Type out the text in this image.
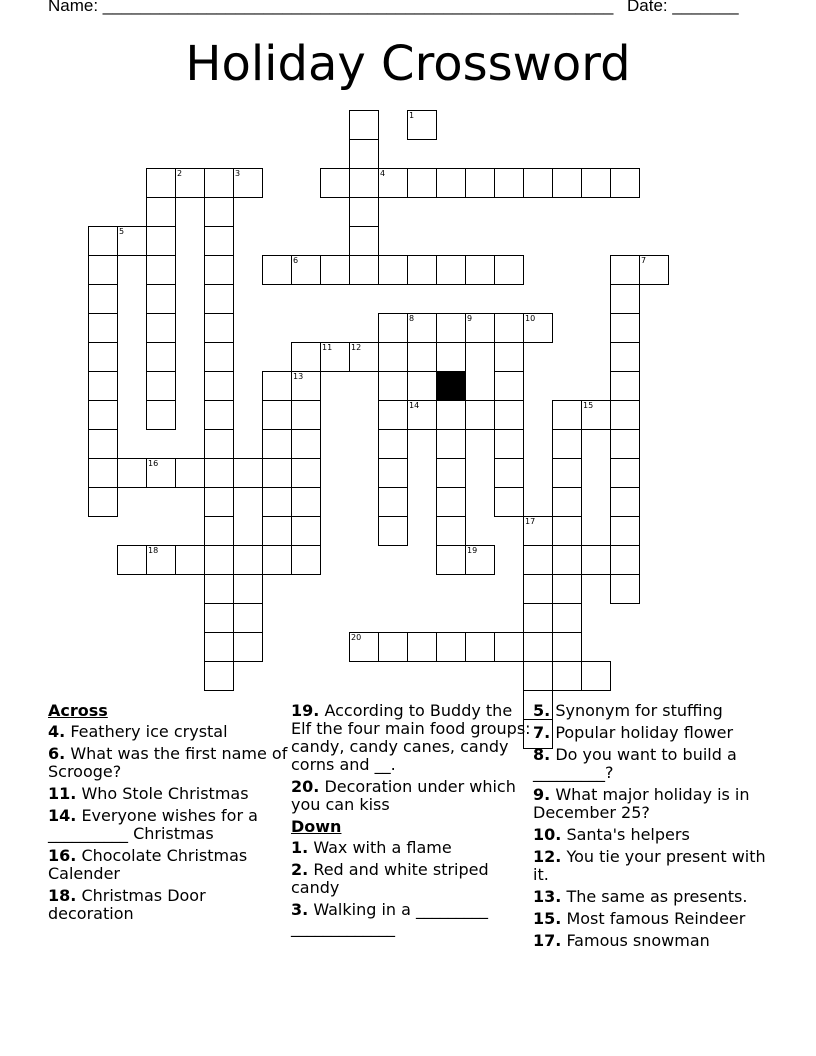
Name: ______________________________________________________ Date: _______
Holiday Crossword
4
6
11 12
13
14
16
18	19
20
1
2	3
5
7
8	9	10
15
17
Across
4. Feathery ice crystal
6. What was the first name of Scrooge?
11. Who Stole Christmas
14. Everyone wishes for a __________ Christmas
16. Chocolate Christmas Calender
18. Christmas Door decoration
19. According to Buddy the Elf the four main food groups: candy, candy canes, candy corns and __.
20. Decoration under which you can kiss
Down
1. Wax with a flame
2. Red and white striped candy
3. Walking in a _________ _____________
5. Synonym for stuffing
7. Popular holiday flower
8. Do you want to build a _________?
9. What major holiday is in December 25?
10. Santa's helpers
12. You tie your present with it.
13. The same as presents.
15. Most famous Reindeer
17. Famous snowman
